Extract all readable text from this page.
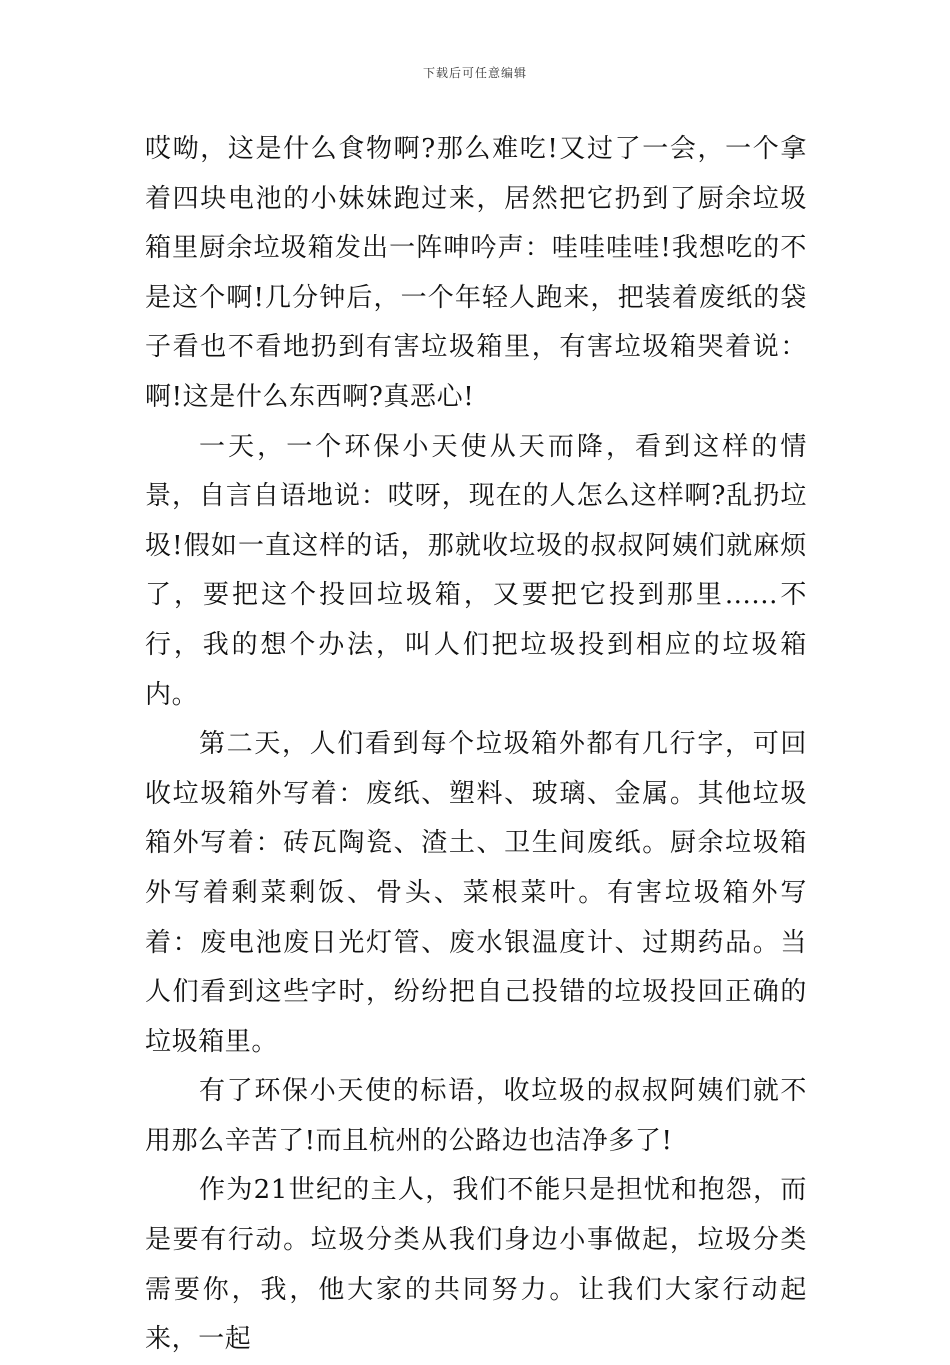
下载后可任意编辑

哎呦，这是什么食物啊?那么难吃!又过了一会，一个拿着四块电池的小妹妹跑过来，居然把它扔到了厨余垃圾箱里厨余垃圾箱发出一阵呻吟声：哇哇哇哇!我想吃的不是这个啊!几分钟后，一个年轻人跑来，把装着废纸的袋子看也不看地扔到有害垃圾箱里，有害垃圾箱哭着说：啊!这是什么东西啊?真恶心!

一天，一个环保小天使从天而降，看到这样的情景，自言自语地说：哎呀，现在的人怎么这样啊?乱扔垃圾!假如一直这样的话，那就收垃圾的叔叔阿姨们就麻烦了，要把这个投回垃圾箱，又要把它投到那里......不行，我的想个办法，叫人们把垃圾投到相应的垃圾箱内。

第二天，人们看到每个垃圾箱外都有几行字，可回收垃圾箱外写着：废纸、塑料、玻璃、金属。其他垃圾箱外写着：砖瓦陶瓷、渣土、卫生间废纸。厨余垃圾箱外写着剩菜剩饭、骨头、菜根菜叶。有害垃圾箱外写着：废电池废日光灯管、废水银温度计、过期药品。当人们看到这些字时，纷纷把自己投错的垃圾投回正确的垃圾箱里。

有了环保小天使的标语，收垃圾的叔叔阿姨们就不用那么辛苦了!而且杭州的公路边也洁净多了!

作为21世纪的主人，我们不能只是担忧和抱怨，而是要有行动。垃圾分类从我们身边小事做起，垃圾分类需要你，我，他大家的共同努力。让我们大家行动起来，一起
